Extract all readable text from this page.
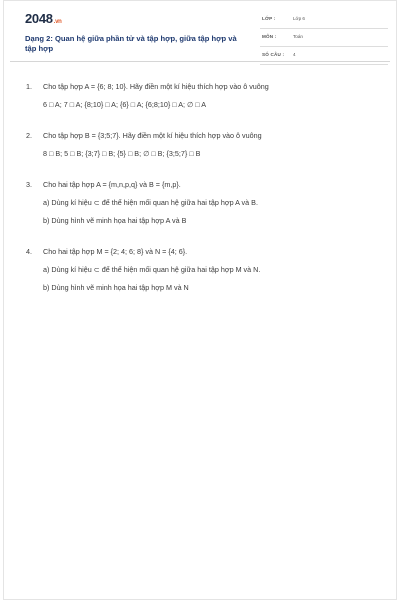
2048.vn
Dạng 2: Quan hệ giữa phần tử và tập hợp, giữa tập hợp và tập hợp
LỚP :	Lớp 6
MÔN :	Toán
SỐ CÂU : 4
1. Cho tập hợp A = {6; 8; 10}. Hãy điền một kí hiệu thích hợp vào ô vuông
6 □ A; 7 □ A; {8;10} □ A; {6} □ A; {6;8;10} □ A; ∅ □ A
2. Cho tập hợp B = {3;5;7}. Hãy điền một kí hiệu thích hợp vào ô vuông
8 □ B; 5 □ B; {3;7} □ B; {5} □ B; ∅ □ B; {3;5;7} □ B
3. Cho hai tập hợp A = {m,n,p,q} và B = {m,p}.
a) Dùng kí hiệu ⊂ để thể hiện mối quan hệ giữa hai tập hợp A và B.
b) Dùng hình vẽ minh họa hai tập hợp A và B
4. Cho hai tập hợp M = {2; 4; 6; 8} và N = {4; 6}.
a) Dùng kí hiệu ⊂ để thể hiện mối quan hệ giữa hai tập hợp M và N.
b) Dùng hình vẽ minh họa hai tập hợp M và N
